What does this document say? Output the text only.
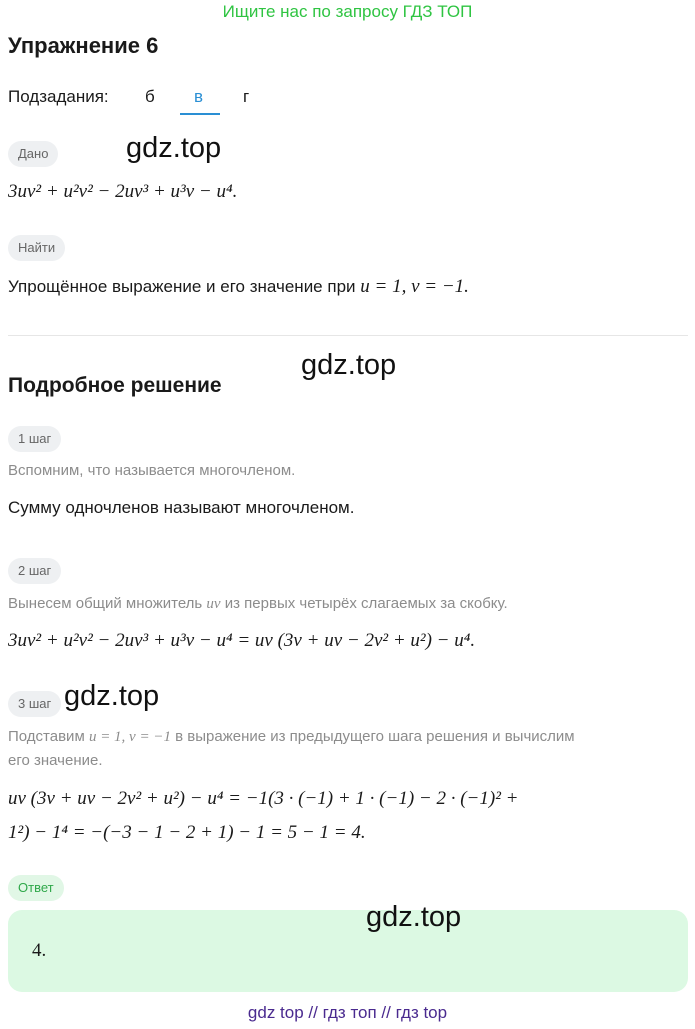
Ищите нас по запросу ГДЗ ТОП
Упражнение 6
Подзадания: б в г
Дано	gdz.top
3uv² + u²v² − 2uv³ + u³v − u⁴.
Найти
Упрощённое выражение и его значение при u = 1, v = −1.
gdz.top
Подробное решение
1 шаг
Вспомним, что называется многочленом.
Сумму одночленов называют многочленом.
2 шаг
Вынесем общий множитель uv из первых четырёх слагаемых за скобку.
3uv² + u²v² − 2uv³ + u³v − u⁴ = uv (3v + uv − 2v² + u²) − u⁴.
3 шаг gdz.top
Подставим u = 1, v = −1 в выражение из предыдущего шага решения и вычислим
его значение.
uv (3v + uv − 2v² + u²) − u⁴ = −1(3 · (−1) + 1 · (−1) − 2 · (−1)² +
1²) − 1⁴ = −(−3 − 1 − 2 + 1) − 1 = 5 − 1 = 4.
Ответ
gdz.top
4.
gdz top // гдз топ // гдз top
